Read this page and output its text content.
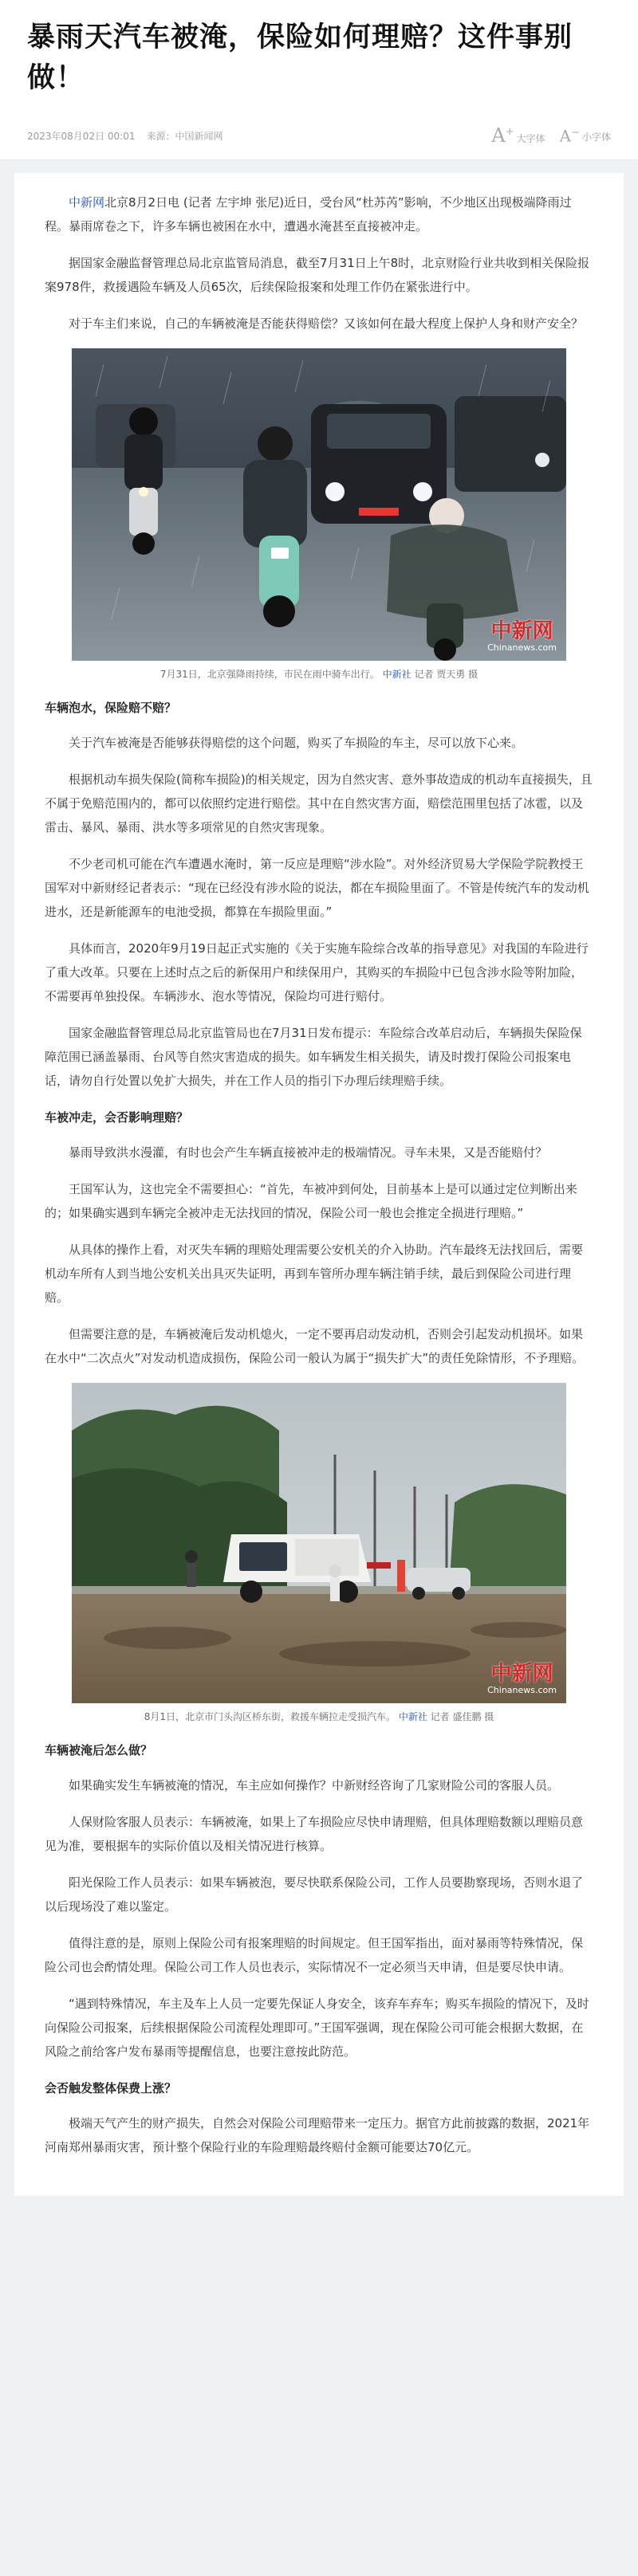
暴雨天汽车被淹，保险如何理赔？这件事别做！
2023年08月02日 00:01 来源：中国新闻网	A+
大字体 A− 小字体

中新网北京8月2日电 (记者 左宇坤 张尼)近日，受台风“杜苏芮”影响，不少地区出现极端降雨过程。暴雨席卷之下，许多车辆也被困在水中，遭遇水淹甚至直接被冲走。

据国家金融监督管理总局北京监管局消息，截至7月31日上午8时，北京财险行业共收到相关保险报案978件，救援遇险车辆及人员65次，后续保险报案和处理工作仍在紧张进行中。

对于车主们来说，自己的车辆被淹是否能获得赔偿？又该如何在最大程度上保护人身和财产安全？

中新网
Chinanews.com
7月31日，北京强降雨持续，市民在雨中骑车出行。 中新社 记者 贾天勇 摄

车辆泡水，保险赔不赔？

关于汽车被淹是否能够获得赔偿的这个问题，购买了车损险的车主，尽可以放下心来。

根据机动车损失保险(简称车损险)的相关规定，因为自然灾害、意外事故造成的机动车直接损失，且不属于免赔范围内的，都可以依照约定进行赔偿。其中在自然灾害方面，赔偿范围里包括了冰雹，以及雷击、暴风、暴雨、洪水等多项常见的自然灾害现象。

不少老司机可能在汽车遭遇水淹时，第一反应是理赔“涉水险”。对外经济贸易大学保险学院教授王国军对中新财经记者表示：“现在已经没有涉水险的说法，都在车损险里面了。不管是传统汽车的发动机进水，还是新能源车的电池受损，都算在车损险里面。”

具体而言，2020年9月19日起正式实施的《关于实施车险综合改革的指导意见》对我国的车险进行了重大改革。只要在上述时点之后的新保用户和续保用户，其购买的车损险中已包含涉水险等附加险，不需要再单独投保。车辆涉水、泡水等情况，保险均可进行赔付。

国家金融监督管理总局北京监管局也在7月31日发布提示：车险综合改革启动后，车辆损失保险保障范围已涵盖暴雨、台风等自然灾害造成的损失。如车辆发生相关损失，请及时拨打保险公司报案电话，请勿自行处置以免扩大损失，并在工作人员的指引下办理后续理赔手续。

车被冲走，会否影响理赔？

暴雨导致洪水漫灌，有时也会产生车辆直接被冲走的极端情况。寻车未果，又是否能赔付？

王国军认为，这也完全不需要担心：“首先，车被冲到何处，目前基本上是可以通过定位判断出来的；如果确实遇到车辆完全被冲走无法找回的情况，保险公司一般也会推定全损进行理赔。”

从具体的操作上看，对灭失车辆的理赔处理需要公安机关的介入协助。汽车最终无法找回后，需要机动车所有人到当地公安机关出具灭失证明，再到车管所办理车辆注销手续，最后到保险公司进行理赔。

但需要注意的是，车辆被淹后发动机熄火，一定不要再启动发动机，否则会引起发动机损坏。如果在水中“二次点火”对发动机造成损伤，保险公司一般认为属于“损失扩大”的责任免除情形，不予理赔。

中新网
Chinanews.com
8月1日，北京市门头沟区桥东街，救援车辆拉走受损汽车。 中新社 记者 盛佳鹏 摄

车辆被淹后怎么做？

如果确实发生车辆被淹的情况，车主应如何操作？中新财经咨询了几家财险公司的客服人员。

人保财险客服人员表示：车辆被淹，如果上了车损险应尽快申请理赔，但具体理赔数额以理赔员意见为准，要根据车的实际价值以及相关情况进行核算。

阳光保险工作人员表示：如果车辆被泡，要尽快联系保险公司，工作人员要勘察现场，否则水退了以后现场没了难以鉴定。

值得注意的是，原则上保险公司有报案理赔的时间规定。但王国军指出，面对暴雨等特殊情况，保险公司也会酌情处理。保险公司工作人员也表示，实际情况不一定必须当天申请，但是要尽快申请。

“遇到特殊情况，车主及车上人员一定要先保证人身安全，该弃车弃车；购买车损险的情况下，及时向保险公司报案，后续根据保险公司流程处理即可。”王国军强调，现在保险公司可能会根据大数据，在风险之前给客户发布暴雨等提醒信息，也要注意按此防范。

会否触发整体保费上涨？

极端天气产生的财产损失，自然会对保险公司理赔带来一定压力。据官方此前披露的数据，2021年河南郑州暴雨灾害，预计整个保险行业的车险理赔最终赔付金额可能要达70亿元。
